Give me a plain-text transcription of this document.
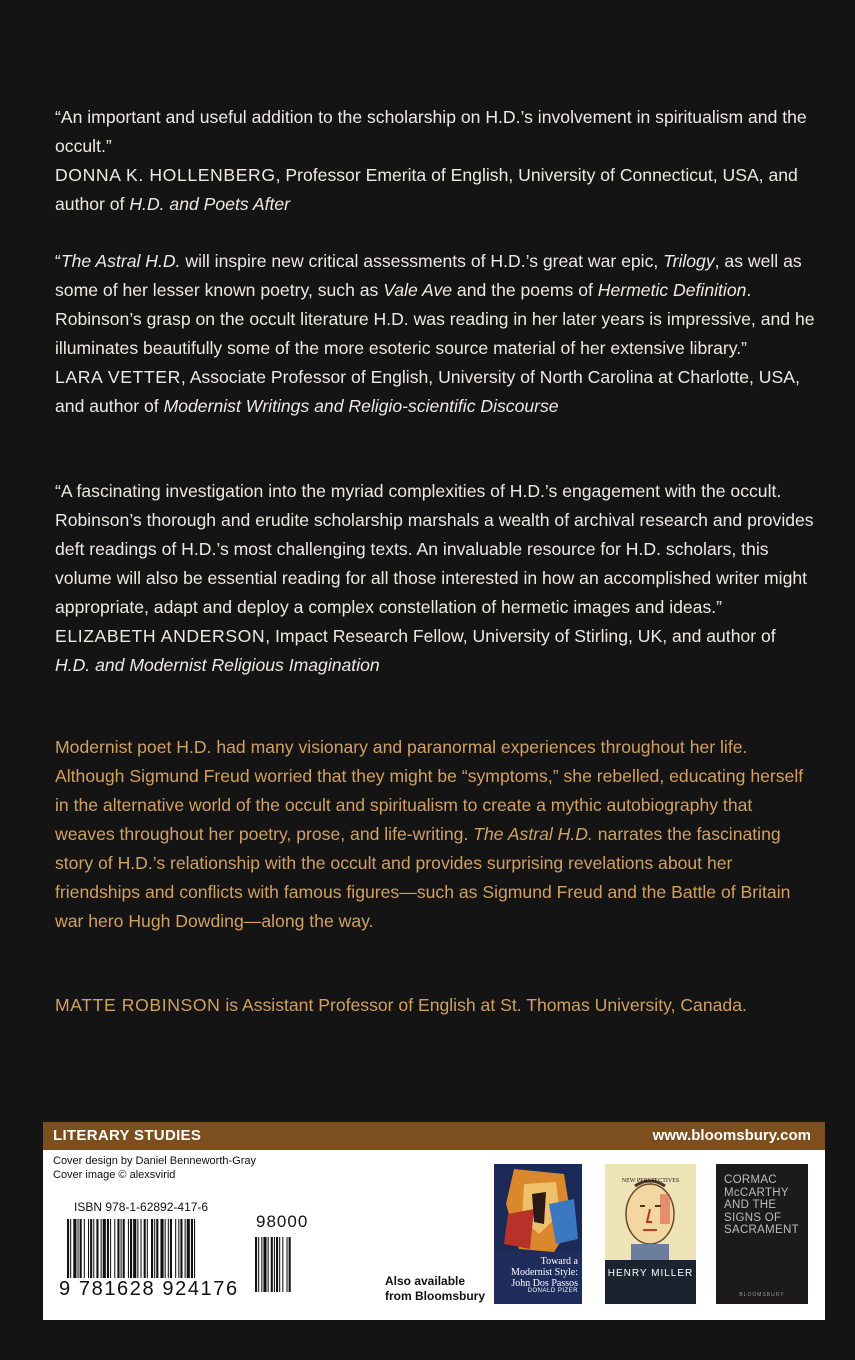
“An important and useful addition to the scholarship on H.D.’s involvement in spiritualism and the occult.”

DONNA K. HOLLENBERG, Professor Emerita of English, University of Connecticut, USA, and author of H.D. and Poets After

“The Astral H.D. will inspire new critical assessments of H.D.’s great war epic, Trilogy, as well as some of her lesser known poetry, such as Vale Ave and the poems of Hermetic Definition. Robinson’s grasp on the occult literature H.D. was reading in her later years is impressive, and he illuminates beautifully some of the more esoteric source material of her extensive library.”

LARA VETTER, Associate Professor of English, University of North Carolina at Charlotte, USA, and author of Modernist Writings and Religio-scientific Discourse

“A fascinating investigation into the myriad complexities of H.D.’s engagement with the occult. Robinson’s thorough and erudite scholarship marshals a wealth of archival research and provides deft readings of H.D.’s most challenging texts. An invaluable resource for H.D. scholars, this volume will also be essential reading for all those interested in how an accomplished writer might appropriate, adapt and deploy a complex constellation of hermetic images and ideas.”

ELIZABETH ANDERSON, Impact Research Fellow, University of Stirling, UK, and author of H.D. and Modernist Religious Imagination

Modernist poet H.D. had many visionary and paranormal experiences throughout her life. Although Sigmund Freud worried that they might be “symptoms,” she rebelled, educating herself in the alternative world of the occult and spiritualism to create a mythic autobiography that weaves throughout her poetry, prose, and life-writing. The Astral H.D. narrates the fascinating story of H.D.’s relationship with the occult and provides surprising revelations about her friendships and conflicts with famous figures—such as Sigmund Freud and the Battle of Britain war hero Hugh Dowding—along the way.
MATTE ROBINSON is Assistant Professor of English at St. Thomas University, Canada.
LITERARY STUDIES	www.bloomsbury.com
Cover design by Daniel Benneworth-Gray
Cover image © alexsvirid
ISBN 978-1-62892-417-6
98000
9 781628 924176	Also available
from Bloomsbury
Toward a Modernist Style: John Dos Passos
DONALD PIZER
NEW PERSPECTIVES
HENRY MILLER
CORMAC McCARTHY AND THE SIGNS OF SACRAMENT
BLOOMSBURY
